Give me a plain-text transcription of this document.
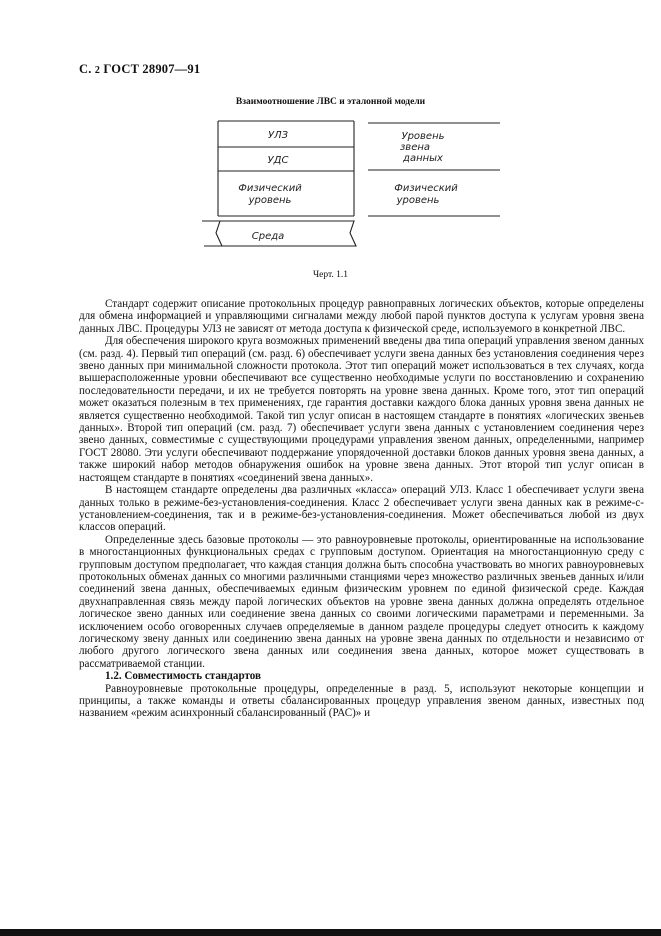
С. 2 ГОСТ 28907—91
Взаимоотношение ЛВС и эталонной модели
УЛЗ
УДС
Физический
уровень
Среда
Уровень
звена
данных
Физический
уровень
Черт. 1.1

Стандарт содержит описание протокольных процедур равноправных логических объектов, которые определены для обмена информацией и управляющими сигналами между любой парой пунктов доступа к услугам уровня звена данных ЛВС. Процедуры УЛЗ не зависят от метода доступа к физической среде, используемого в конкретной ЛВС.

Для обеспечения широкого круга возможных применений введены два типа операций управления звеном данных (см. разд. 4). Первый тип операций (см. разд. 6) обеспечивает услуги звена данных без установления соединения через звено данных при минимальной сложности протокола. Этот тип операций может использоваться в тех случаях, когда вышерасположенные уровни обеспечивают все существенно необходимые услуги по восстановлению и сохранению последовательности передачи, и их не требуется повторять на уровне звена данных. Кроме того, этот тип операций может оказаться полезным в тех применениях, где гарантия доставки каждого блока данных уровня звена данных не является существенно необходимой. Такой тип услуг описан в настоящем стандарте в понятиях «логических звеньев данных». Второй тип операций (см. разд. 7) обеспечивает услуги звена данных с установлением соединения через звено данных, совместимые с существующими процедурами управления звеном данных, определенными, например ГОСТ 28080. Эти услуги обеспечивают поддержание упорядоченной доставки блоков данных уровня звена данных, а также широкий набор методов обнаружения ошибок на уровне звена данных. Этот второй тип услуг описан в настоящем стандарте в понятиях «соединений звена данных».

В настоящем стандарте определены два различных «класса» операций УЛЗ. Класс 1 обеспечивает услуги звена данных только в режиме-без-установления-соединения. Класс 2 обеспечивает услуги звена данных как в режиме-с-установлением-соединения, так и в режиме-без-установления-соединения. Может обеспечиваться любой из двух классов операций.

Определенные здесь базовые протоколы — это равноуровневые протоколы, ориентированные на использование в многостанционных функциональных средах с групповым доступом. Ориентация на многостанционную среду с групповым доступом предполагает, что каждая станция должна быть способна участвовать во многих равноуровневых протокольных обменах данных со многими различными станциями через множество различных звеньев данных и/или соединений звена данных, обеспечиваемых единым физическим уровнем по единой физической среде. Каждая двухнаправленная связь между парой логических объектов на уровне звена данных должна определять отдельное логическое звено данных или соединение звена данных со своими логическими параметрами и переменными. За исключением особо оговоренных случаев определяемые в данном разделе процедуры следует относить к каждому логическому звену данных или соединению звена данных на уровне звена данных по отдельности и независимо от любого другого логического звена данных или соединения звена данных, которое может существовать в рассматриваемой станции.

1.2. Совместимость стандартов

Равноуровневые протокольные процедуры, определенные в разд. 5, используют некоторые концепции и принципы, а также команды и ответы сбалансированных процедур управления звеном данных, известных под названием «режим асинхронный сбалансированный (РАС)» и
